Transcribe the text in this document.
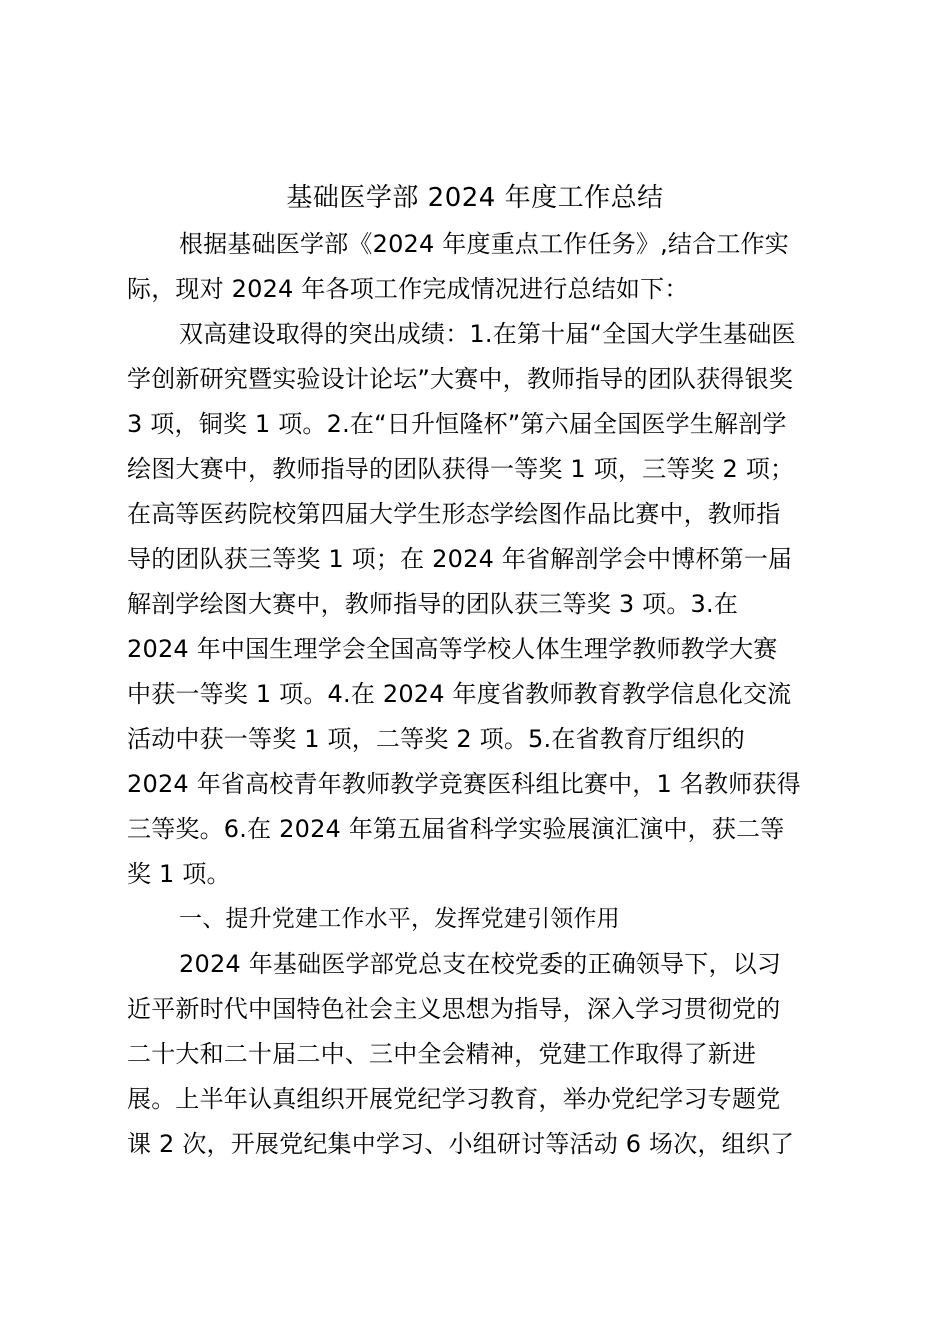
基础医学部 2024 年度工作总结
根据基础医学部《2024 年度重点工作任务》,结合工作实
际，现对 2024 年各项工作完成情况进行总结如下：
双高建设取得的突出成绩：1.在第十届“全国大学生基础医
学创新研究暨实验设计论坛”大赛中，教师指导的团队获得银奖
3 项，铜奖 1 项。2.在“日升恒隆杯”第六届全国医学生解剖学
绘图大赛中，教师指导的团队获得一等奖 1 项，三等奖 2 项；
在高等医药院校第四届大学生形态学绘图作品比赛中，教师指
导的团队获三等奖 1 项；在 2024 年省解剖学会中博杯第一届
解剖学绘图大赛中，教师指导的团队获三等奖 3 项。3.在
2024 年中国生理学会全国高等学校人体生理学教师教学大赛
中获一等奖 1 项。4.在 2024 年度省教师教育教学信息化交流
活动中获一等奖 1 项，二等奖 2 项。5.在省教育厅组织的
2024 年省高校青年教师教学竞赛医科组比赛中，1 名教师获得
三等奖。6.在 2024 年第五届省科学实验展演汇演中，获二等
奖 1 项。
一、提升党建工作水平，发挥党建引领作用
2024 年基础医学部党总支在校党委的正确领导下，以习
近平新时代中国特色社会主义思想为指导，深入学习贯彻党的
二十大和二十届二中、三中全会精神，党建工作取得了新进
展。上半年认真组织开展党纪学习教育，举办党纪学习专题党
课 2 次，开展党纪集中学习、小组研讨等活动 6 场次，组织了
